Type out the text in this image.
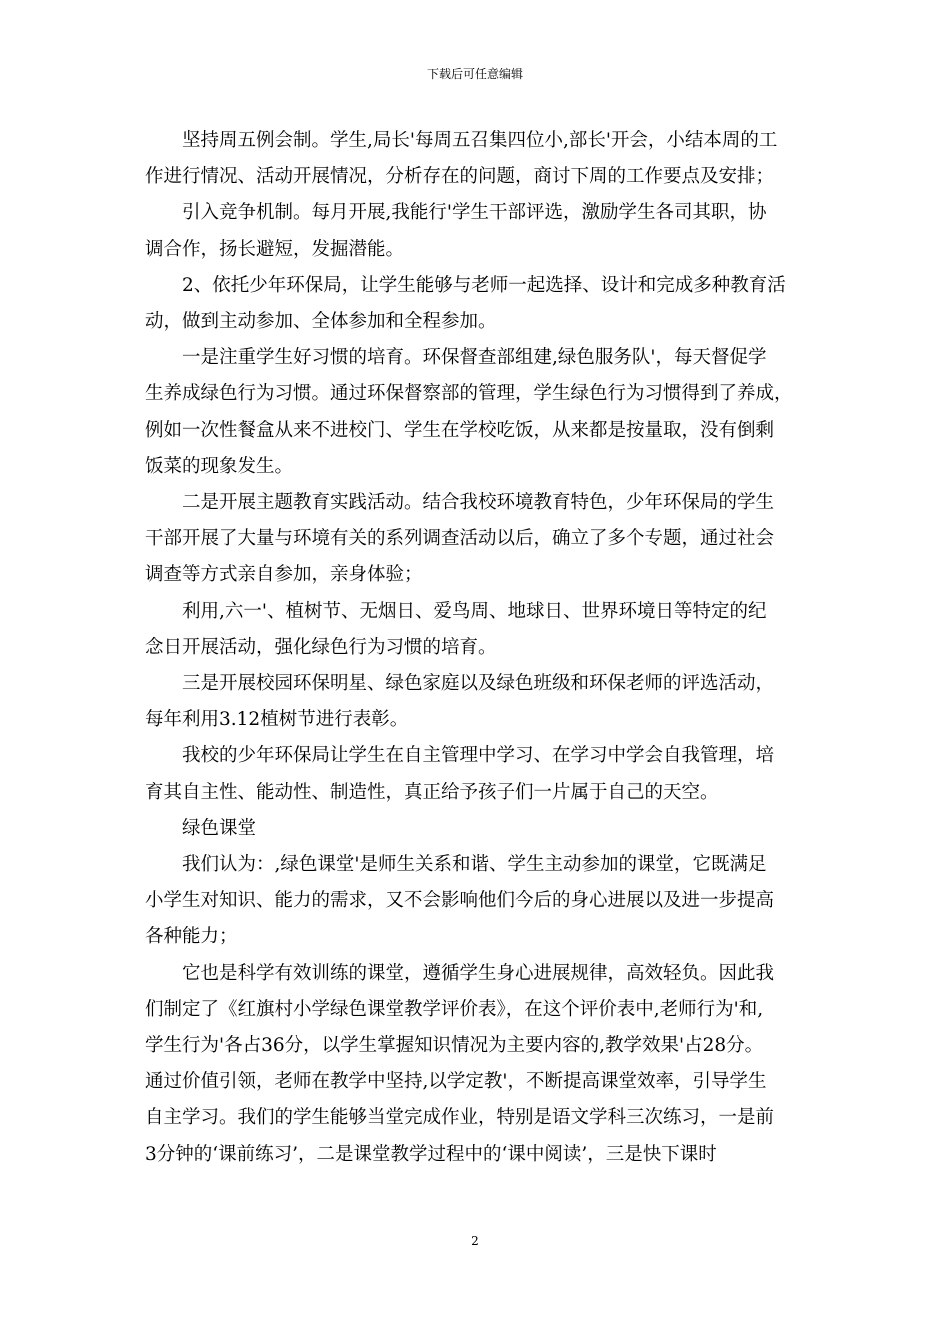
下载后可任意编辑

坚持周五例会制。学生,局长'每周五召集四位小,部长'开会，小结本周的工
作进行情况、活动开展情况，分析存在的问题，商讨下周的工作要点及安排；

引入竞争机制。每月开展,我能行'学生干部评选，激励学生各司其职，协
调合作，扬长避短，发掘潜能。

2、依托少年环保局，让学生能够与老师一起选择、设计和完成多种教育活
动，做到主动参加、全体参加和全程参加。

一是注重学生好习惯的培育。环保督查部组建,绿色服务队'，每天督促学
生养成绿色行为习惯。通过环保督察部的管理，学生绿色行为习惯得到了养成，
例如一次性餐盒从来不进校门、学生在学校吃饭，从来都是按量取，没有倒剩
饭菜的现象发生。

二是开展主题教育实践活动。结合我校环境教育特色，少年环保局的学生
干部开展了大量与环境有关的系列调查活动以后，确立了多个专题，通过社会
调查等方式亲自参加，亲身体验；

利用,六一'、植树节、无烟日、爱鸟周、地球日、世界环境日等特定的纪
念日开展活动，强化绿色行为习惯的培育。

三是开展校园环保明星、绿色家庭以及绿色班级和环保老师的评选活动，
每年利用3.12植树节进行表彰。

我校的少年环保局让学生在自主管理中学习、在学习中学会自我管理，培
育其自主性、能动性、制造性，真正给予孩子们一片属于自己的天空。

绿色课堂

我们认为：,绿色课堂'是师生关系和谐、学生主动参加的课堂，它既满足
小学生对知识、能力的需求，又不会影响他们今后的身心进展以及进一步提高
各种能力；

它也是科学有效训练的课堂，遵循学生身心进展规律，高效轻负。因此我
们制定了《红旗村小学绿色课堂教学评价表》，在这个评价表中,老师行为'和,
学生行为'各占36分，以学生掌握知识情况为主要内容的,教学效果'占28分。
通过价值引领，老师在教学中坚持,以学定教'，不断提高课堂效率，引导学生
自主学习。我们的学生能够当堂完成作业，特别是语文学科三次练习，一是前
3分钟的‘课前练习’，二是课堂教学过程中的‘课中阅读’，三是快下课时

2
